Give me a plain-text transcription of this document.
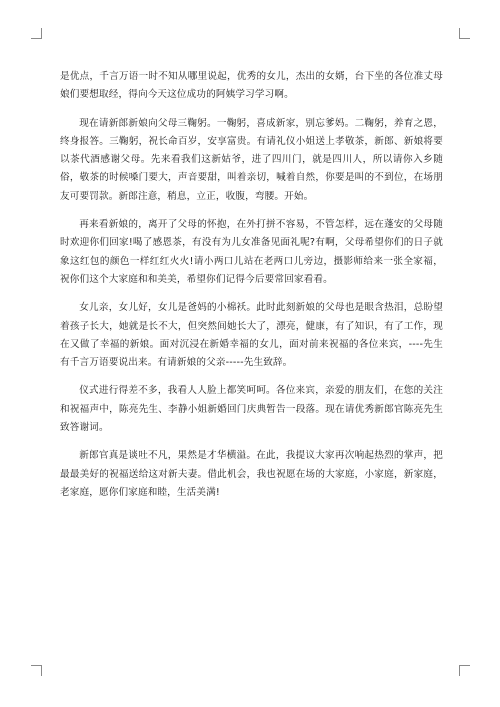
是优点，千言万语一时不知从哪里说起，优秀的女儿，杰出的女婿，台下坐的各位准丈母娘们要想取经，得向今天这位成功的阿姨学习学习啊。

现在请新郎新娘向父母三鞠躬。一鞠躬，喜成新家，别忘爹妈。二鞠躬，养育之恩，终身报答。三鞠躬，祝长命百岁，安享富贵。有请礼仪小姐送上孝敬茶，新郎、新娘将要以茶代酒感谢父母。先来看我们这新姑爷，进了四川门，就是四川人，所以请你入乡随俗，敬茶的时候嗓门要大，声音要甜，叫着亲切，喊着自然，你要是叫的不到位，在场朋友可要罚款。新郎注意，稍息，立正，收腹，弯腰。开始。

再来看新娘的，离开了父母的怀抱，在外打拼不容易，不管怎样，远在蓬安的父母随时欢迎你们回家!喝了感恩茶，有没有为儿女准备见面礼呢?有啊，父母希望你们的日子就象这红包的颜色一样红红火火!请小两口儿站在老两口儿旁边，摄影师给来一张全家福，祝你们这个大家庭和和美美，希望你们记得今后要常回家看看。

女儿亲，女儿好，女儿是爸妈的小棉袄。此时此刻新娘的父母也是眼含热泪，总盼望着孩子长大，她就是长不大，但突然间她长大了，漂亮，健康，有了知识，有了工作，现在又做了幸福的新娘。面对沉浸在新婚幸福的女儿，面对前来祝福的各位来宾，----先生有千言万语要说出来。有请新娘的父亲-----先生致辞。

仪式进行得差不多，我看人人脸上都笑呵呵。各位来宾，亲爱的朋友们，在您的关注和祝福声中，陈亮先生、李静小姐新婚回门庆典暂告一段落。现在请优秀新郎官陈亮先生致答谢词。

新郎官真是谈吐不凡，果然是才华横溢。在此，我提议大家再次响起热烈的掌声，把最最美好的祝福送给这对新夫妻。借此机会，我也祝愿在场的大家庭，小家庭，新家庭，老家庭，愿你们家庭和睦，生活美满!
